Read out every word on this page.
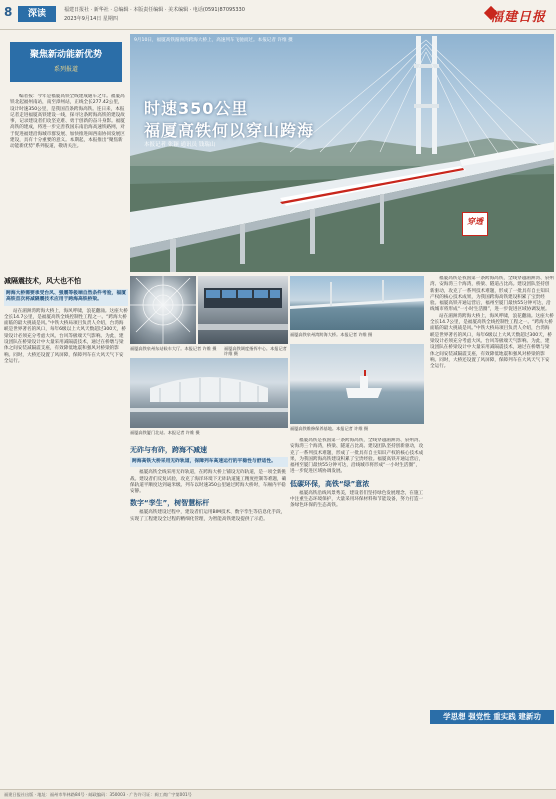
8	深读	福建日报社 · 新华社 · 总编辑 · 本版责任编辑 · 美术编辑 · 电话(0591)87095330
2023年9月14日 星期四	福建日报
聚焦新动能新优势
系列报道

编者按：今年是福厦高铁全线建成通车之年。福厦高铁北起福州南站，南至漳州站，正线全长277.42公里，设计时速350公里，是我国首条跨海高铁。连日来，本报记者走进福厦高铁建设一线，探寻这条跨海高铁的建设故事，记录建设者们攻坚克难、勇于创新的奋斗身影。福厦高铁的建成，将进一步完善我国东南沿海高速铁路网，对于促进福建沿海城市群发展、加快推进闽西南协同发展区建设，具有十分重要的意义。本期起，本报推出“聚焦新动能新优势”系列报道，敬请关注。

9月10日，福厦高铁湄洲湾跨海大桥上，高速列车飞驰而过。本报记者 许维 摄
时速350公里
福厦高铁何以穿山跨海
本报记者 张颖 通讯员 钱瑞山
穿透
减隔震技术，风大也不怕
跨海大桥需要承受台风、强震等极端自然条件考验，福厦高铁首次将减隔震技术应用于跨海高铁桥梁。

站在湄洲湾跨海大桥上，海风呼啸，浪花翻涌。这座大桥全长14.7公里，是福厦高铁全线控制性工程之一。“跨海大桥面临的最大挑战是风。”中铁大桥局项目负责人介绍，台湾海峡是世界著名的风口，每年6级以上大风天数超过300天，桥梁设计必须充分考虑大风、台风等极端天气影响。为此，建设团队在桥梁设计中大量采用减隔震技术，通过在桥墩与梁体之间安装减隔震支座，有效降低地震和强风对桥梁的影响。同时，大桥还设置了风屏障，保障列车在大风天气下安全运行。

福厦高铁泉州东站候车大厅。本报记者 许维 摄	福厦高铁调度指挥中心。本报记者 许维 摄
福厦高铁泉州湾跨海大桥。本报记者 许维 摄
福厦高铁厦门北站。本报记者 许维 摄
福厦高铁维修保养基地。本报记者 许维 摄
无砟与有砟，跨海不减速
跨海高铁大桥采用无砟轨道，保障列车高速运行的平稳性与舒适性。

福厦高铁全线采用无砟轨道，在跨海大桥上铺设无砟轨道，是一项全新挑战。建设者们反复试验，攻克了海洋环境下无砟轨道施工精度控制等难题，确保轨道平顺度达到毫米级。列车以时速350公里通过跨海大桥时，车厢内平稳安静。

数字“孪生”，树智慧标杆

福厦高铁建设过程中，建设者们运用BIM技术、数字孪生等信息化手段，实现了工程建设全过程的精细化管理，为智能高铁建设提供了示范。

福厦高铁是我国第一条跨海高铁，全线穿越湄洲湾、泉州湾、安海湾三个海湾，桥梁、隧道占比高。建设团队坚持创新驱动，攻克了一系列技术难题，形成了一批具有自主知识产权的核心技术成果，为我国跨海高铁建设积累了宝贵经验。福厦高铁开通运营后，福州至厦门最快55分钟可达，沿线城市将形成“一小时生活圈”，进一步促进区域协调发展。

低碳环保，高铁“绿”意浓

福厦高铁沿线风景秀美，建设者们坚持绿色发展理念，在施工中注重生态环境保护，大量采用环保材料和节能设备，努力打造一条绿色环保的生态高铁。

福厦高铁是我国第一条跨海高铁，全线穿越湄洲湾、泉州湾、安海湾三个海湾，桥梁、隧道占比高。建设团队坚持创新驱动，攻克了一系列技术难题，形成了一批具有自主知识产权的核心技术成果，为我国跨海高铁建设积累了宝贵经验。福厦高铁开通运营后，福州至厦门最快55分钟可达，沿线城市将形成“一小时生活圈”，进一步促进区域协调发展。

站在湄洲湾跨海大桥上，海风呼啸，浪花翻涌。这座大桥全长14.7公里，是福厦高铁全线控制性工程之一。“跨海大桥面临的最大挑战是风。”中铁大桥局项目负责人介绍，台湾海峡是世界著名的风口，每年6级以上大风天数超过300天，桥梁设计必须充分考虑大风、台风等极端天气影响。为此，建设团队在桥梁设计中大量采用减隔震技术，通过在桥墩与梁体之间安装减隔震支座，有效降低地震和强风对桥梁的影响。同时，大桥还设置了风屏障，保障列车在大风天气下安全运行。

学思想 强党性 重实践 建新功
福建日报社出版 · 地址：福州市华林路84号 · 邮政编码：350003 · 广告许可证：闽工商广字第001号
